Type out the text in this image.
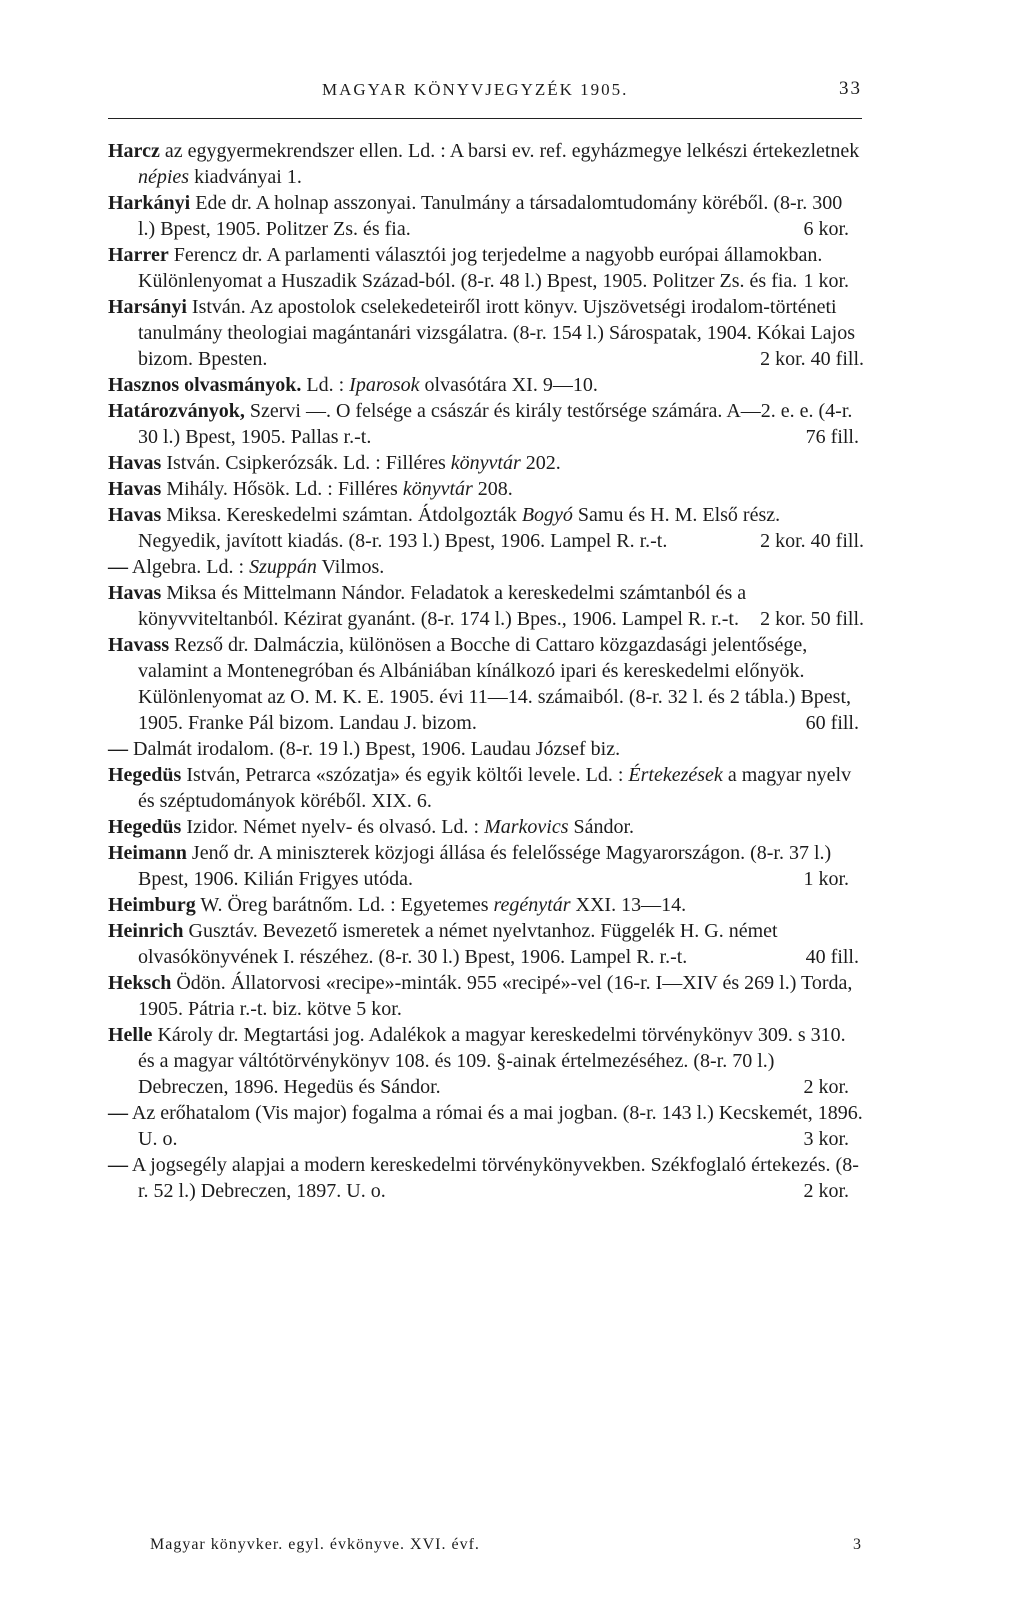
MAGYAR KÖNYVJEGYZÉK 1905.	33
Harcz az egygyermekrendszer ellen. Ld. : A barsi ev. ref. egyházmegye lelkészi értekezletnek népies kiadványai 1.
Harkányi Ede dr. A holnap asszonyai. Tanulmány a társadalomtudomány köréből. (8-r. 300 l.) Bpest, 1905. Politzer Zs. és fia.	6 kor.
Harrer Ferencz dr. A parlamenti választói jog terjedelme a nagyobb európai államokban. Különlenyomat a Huszadik Század-ból. (8-r. 48 l.) Bpest, 1905. Politzer Zs. és fia. 1 kor.
Harsányi István. Az apostolok cselekedeteiről irott könyv. Ujszövetségi irodalom-történeti tanulmány theologiai magántanári vizsgálatra. (8-r. 154 l.) Sárospatak, 1904. Kókai Lajos bizom. Bpesten.	2 kor. 40 fill.
Hasznos olvasmányok. Ld. : Iparosok olvasótára XI. 9—10.
Határozványok, Szervi —. O felsége a császár és király testőrsége számára. A—2. e. e. (4-r. 30 l.) Bpest, 1905. Pallas r.-t.	76 fill.
Havas István. Csipkerózsák. Ld. : Filléres könyvtár 202.
Havas Mihály. Hősök. Ld. : Filléres könyvtár 208.
Havas Miksa. Kereskedelmi számtan. Átdolgozták Bogyó Samu és H. M. Első rész. Negyedik, javított kiadás. (8-r. 193 l.) Bpest, 1906. Lampel R. r.-t.	2 kor. 40 fill.
— Algebra. Ld. : Szuppán Vilmos.
Havas Miksa és Mittelmann Nándor. Feladatok a kereskedelmi számtanból és a könyvviteltanból. Kézirat gyanánt. (8-r. 174 l.) Bpes., 1906. Lampel R. r.-t. 2 kor. 50 fill.
Havass Rezső dr. Dalmáczia, különösen a Bocche di Cattaro közgazdasági jelentősége, valamint a Montenegróban és Albániában kínálkozó ipari és kereskedelmi előnyök. Különlenyomat az O. M. K. E. 1905. évi 11—14. számaiból. (8-r. 32 l. és 2 tábla.) Bpest, 1905. Franke Pál bizom. Landau J. bizom.	60 fill.
— Dalmát irodalom. (8-r. 19 l.) Bpest, 1906. Laudau József biz.
Hegedüs István, Petrarca «szózatja» és egyik költői levele. Ld. : Értekezések a magyar nyelv és széptudományok köréből. XIX. 6.
Hegedüs Izidor. Német nyelv- és olvasó. Ld. : Markovics Sándor.
Heimann Jenő dr. A miniszterek közjogi állása és felelőssége Magyarországon. (8-r. 37 l.) Bpest, 1906. Kilián Frigyes utóda.	1 kor.
Heimburg W. Öreg barátnőm. Ld. : Egyetemes regénytár XXI. 13—14.
Heinrich Gusztáv. Bevezető ismeretek a német nyelvtanhoz. Függelék H. G. német olvasókönyvének I. részéhez. (8-r. 30 l.) Bpest, 1906. Lampel R. r.-t.	40 fill.
Heksch Ödön. Állatorvosi «recipe»-minták. 955 «recipé»-vel (16-r. I—XIV és 269 l.) Torda, 1905. Pátria r.-t. biz. kötve 5 kor.
Helle Károly dr. Megtartási jog. Adalékok a magyar kereskedelmi törvénykönyv 309. s 310. és a magyar váltótörvénykönyv 108. és 109. §-ainak értelmezéséhez. (8-r. 70 l.) Debreczen, 1896. Hegedüs és Sándor.	2 kor.
— Az erőhatalom (Vis major) fogalma a római és a mai jogban. (8-r. 143 l.) Kecskemét, 1896. U. o.	3 kor.
— A jogsegély alapjai a modern kereskedelmi törvénykönyvekben. Székfoglaló értekezés. (8-r. 52 l.) Debreczen, 1897. U. o.	2 kor.
Magyar könyvker. egyl. évkönyve. XVI. évf.	3
